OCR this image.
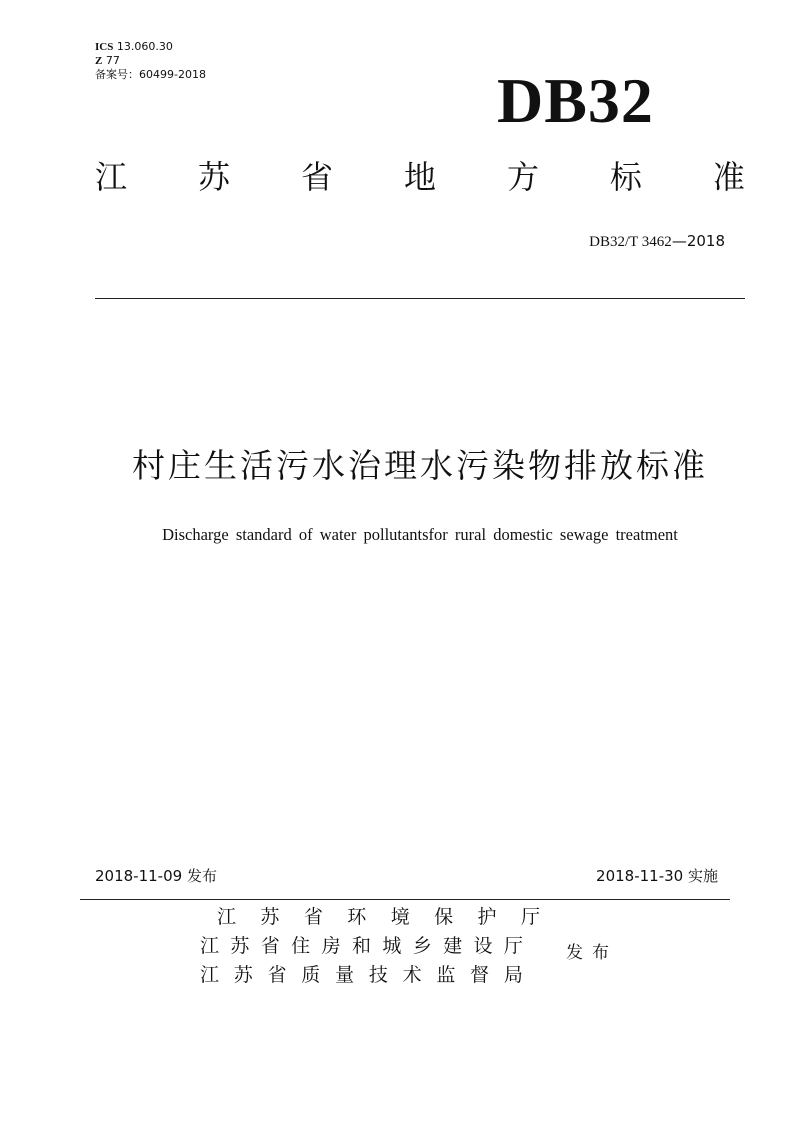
ICS 13.060.30
Z 77
备案号：60499-2018	DB32
江 苏 省 地 方 标 准
DB32/T 3462—2018
村庄生活污水治理水污染物排放标准
Discharge standard of water pollutantsfor rural domestic sewage treatment
2018-11-09 发布	2018-11-30 实施
江 苏 省 环 境 保 护 厅
江 苏 省 住 房 和 城 乡 建 设 厅
江 苏 省 质 量 技 术 监 督 局
发布
